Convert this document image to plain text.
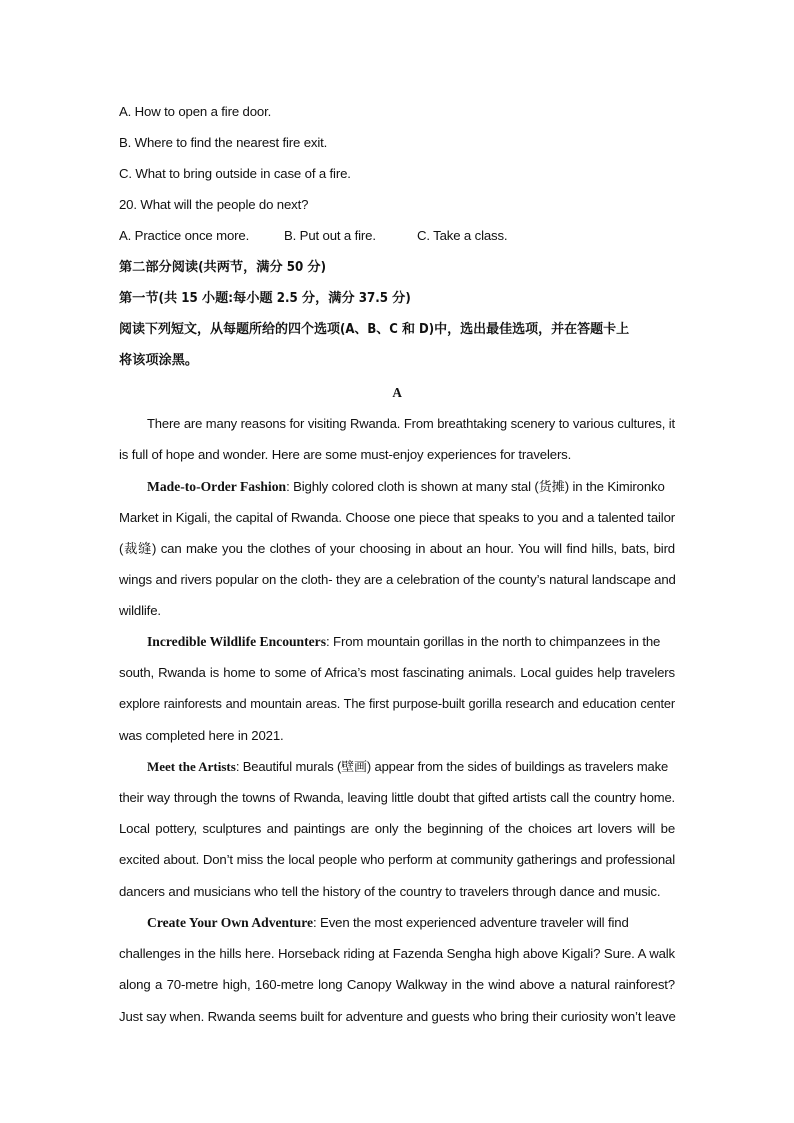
A. How to open a fire door.
B. Where to find the nearest fire exit.
C. What to bring outside in case of a fire.
20. What will the people do next?
A. Practice once more.	B. Put out a fire.	C. Take a class.
第二部分阅读(共两节，满分 50 分)
第一节(共 15 小题:每小题 2.5 分，满分 37.5 分)
阅读下列短文，从每题所给的四个选项(A、B、C 和 D)中，选出最佳选项，并在答题卡上
将该项涂黑。
A
There are many reasons for visiting Rwanda. From breathtaking scenery to various cultures, it
is full of hope and wonder. Here are some must-enjoy experiences for travelers.
Made-to-Order Fashion: Bighly colored cloth is shown at many stal (货摊) in the Kimironko
Market in Kigali, the capital of Rwanda. Choose one piece that speaks to you and a talented tailor
(裁缝) can make you the clothes of your choosing in about an hour. You will find hills, bats, bird
wings and rivers popular on the cloth- they are a celebration of the county’s natural landscape and
wildlife.
Incredible Wildlife Encounters: From mountain gorillas in the north to chimpanzees in the
south, Rwanda is home to some of Africa’s most fascinating animals. Local guides help travelers
explore rainforests and mountain areas. The first purpose-built gorilla research and education center
was completed here in 2021.
Meet the Artists: Beautiful murals (壁画) appear from the sides of buildings as travelers make
their way through the towns of Rwanda, leaving little doubt that gifted artists call the country home.
Local pottery, sculptures and paintings are only the beginning of the choices art lovers will be
excited about. Don’t miss the local people who perform at community gatherings and professional
dancers and musicians who tell the history of the country to travelers through dance and music.
Create Your Own Adventure: Even the most experienced adventure traveler will find
challenges in the hills here. Horseback riding at Fazenda Sengha high above Kigali? Sure. A walk
along a 70-metre high, 160-metre long Canopy Walkway in the wind above a natural rainforest?
Just say when. Rwanda seems built for adventure and guests who bring their curiosity won’t leave
